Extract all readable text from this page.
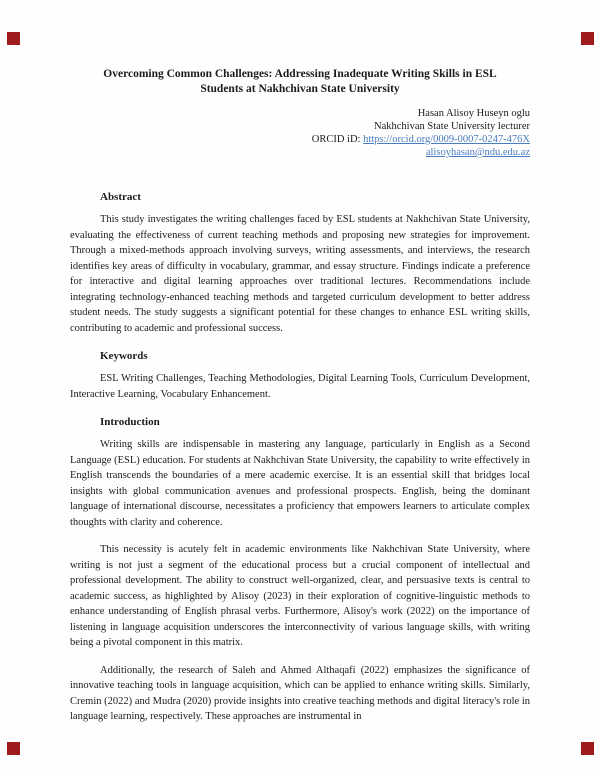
Overcoming Common Challenges: Addressing Inadequate Writing Skills in ESL
Students at Nakhchivan State University
Hasan Alisoy Huseyn oglu
Nakhchivan State University lecturer
ORCID iD: https://orcid.org/0009-0007-0247-476X
alisoyhasan@ndu.edu.az
Abstract

This study investigates the writing challenges faced by ESL students at Nakhchivan State University, evaluating the effectiveness of current teaching methods and proposing new strategies for improvement. Through a mixed-methods approach involving surveys, writing assessments, and interviews, the research identifies key areas of difficulty in vocabulary, grammar, and essay structure. Findings indicate a preference for interactive and digital learning approaches over traditional lectures. Recommendations include integrating technology-enhanced teaching methods and targeted curriculum development to better address student needs. The study suggests a significant potential for these changes to enhance ESL writing skills, contributing to academic and professional success.

Keywords

ESL Writing Challenges, Teaching Methodologies, Digital Learning Tools, Curriculum Development, Interactive Learning, Vocabulary Enhancement.

Introduction

Writing skills are indispensable in mastering any language, particularly in English as a Second Language (ESL) education. For students at Nakhchivan State University, the capability to write effectively in English transcends the boundaries of a mere academic exercise. It is an essential skill that bridges local insights with global communication avenues and professional prospects. English, being the dominant language of international discourse, necessitates a proficiency that empowers learners to articulate complex thoughts with clarity and coherence.

This necessity is acutely felt in academic environments like Nakhchivan State University, where writing is not just a segment of the educational process but a crucial component of intellectual and professional development. The ability to construct well-organized, clear, and persuasive texts is central to academic success, as highlighted by Alisoy (2023) in their exploration of cognitive-linguistic methods to enhance understanding of English phrasal verbs. Furthermore, Alisoy's work (2022) on the importance of listening in language acquisition underscores the interconnectivity of various language skills, with writing being a pivotal component in this matrix.

Additionally, the research of Saleh and Ahmed Althaqafi (2022) emphasizes the significance of innovative teaching tools in language acquisition, which can be applied to enhance writing skills. Similarly, Cremin (2022) and Mudra (2020) provide insights into creative teaching methods and digital literacy's role in language learning, respectively. These approaches are instrumental in
